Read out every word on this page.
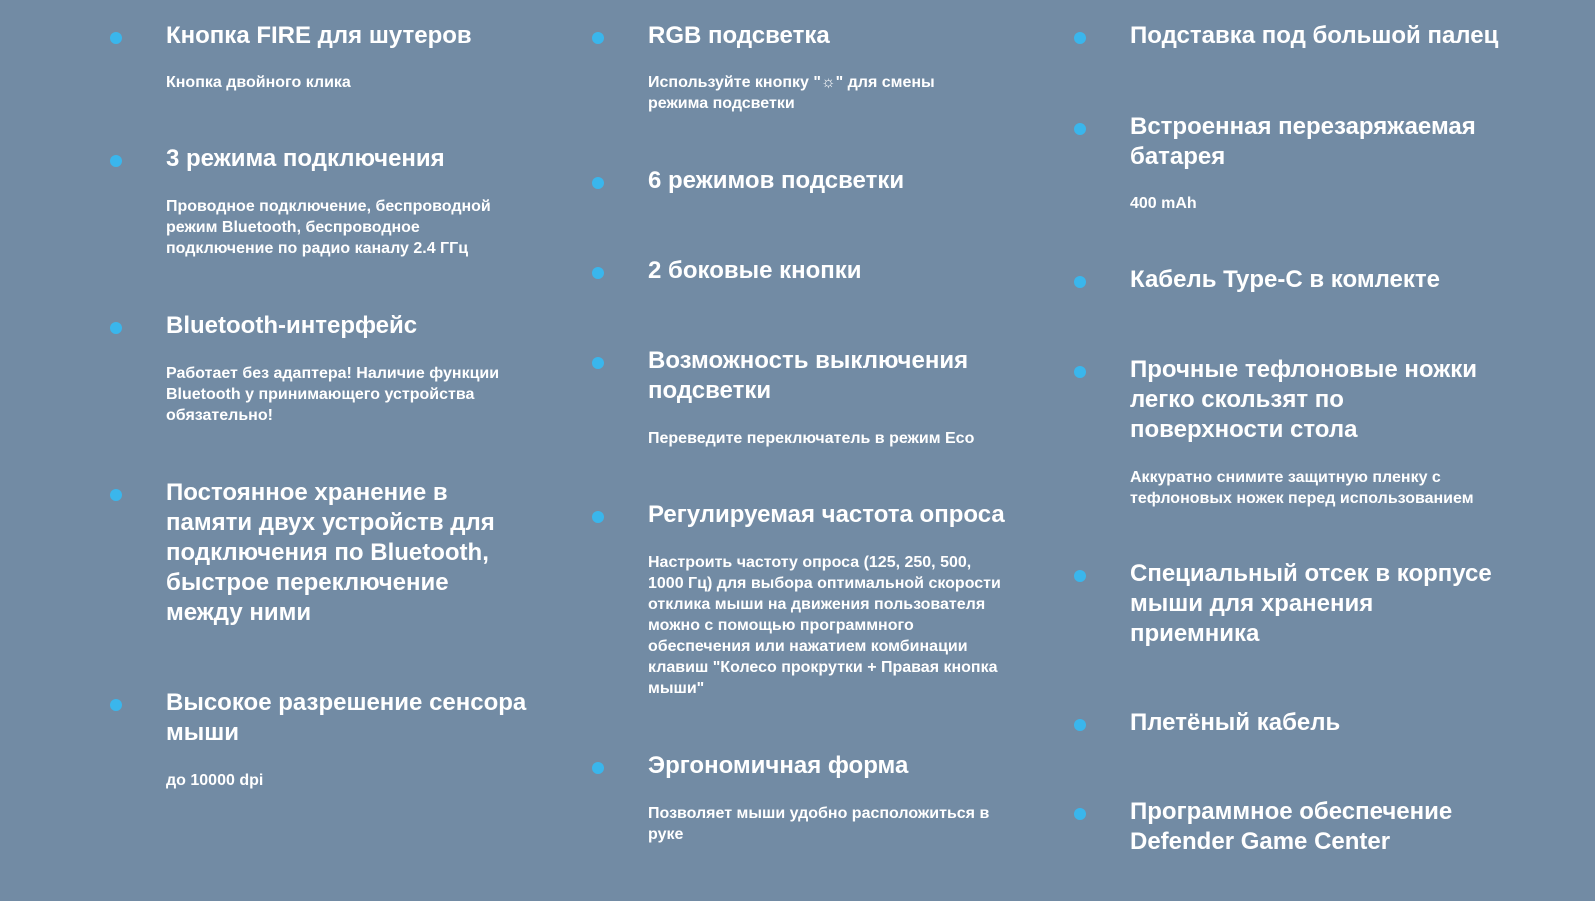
Кнопка FIRE для шутеров
Кнопка двойного клика
3 режима подключения
Проводное подключение, беспроводной
режим Bluetooth, беспроводное
подключение по радио каналу 2.4 ГГц
Bluetooth-интерфейс
Работает без адаптера! Наличие функции
Bluetooth у принимающего устройства
обязательно!
Постоянное хранение в
памяти двух устройств для
подключения по Bluetooth,
быстрое переключение
между ними
Высокое разрешение сенсора
мыши
до 10000 dpi
RGB подсветка
Используйте кнопку "☼" для смены
режима подсветки
6 режимов подсветки
2 боковые кнопки
Возможность выключения
подсветки
Переведите переключатель в режим Eco
Регулируемая частота опроса
Настроить частоту опроса (125, 250, 500,
1000 Гц) для выбора оптимальной скорости
отклика мыши на движения пользователя
можно с помощью программного
обеспечения или нажатием комбинации
клавиш "Колесо прокрутки + Правая кнопка
мыши"
Эргономичная форма
Позволяет мыши удобно расположиться в
руке
Подставка под большой палец
Встроенная перезаряжаемая
батарея
400 mAh
Кабель Type-C в комлекте
Прочные тефлоновые ножки
легко скользят по
поверхности стола
Аккуратно снимите защитную пленку с
тефлоновых ножек перед использованием
Специальный отсек в корпусе
мыши для хранения
приемника
Плетёный кабель
Программное обеспечение
Defender Game Center
